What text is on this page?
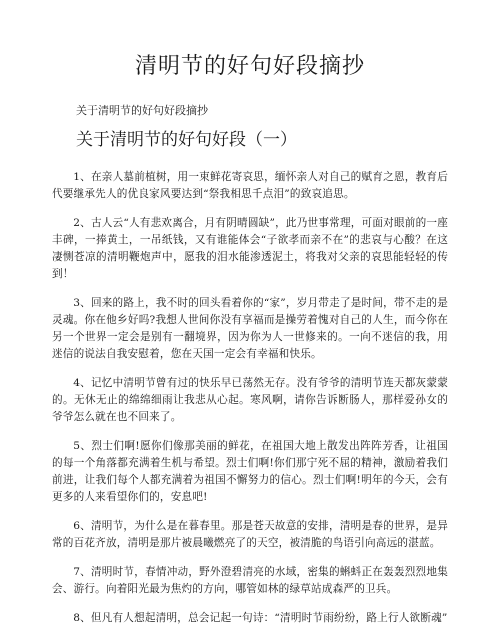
清明节的好句好段摘抄

关于清明节的好句好段摘抄

关于清明节的好句好段（一）

1、在亲人墓前植树，用一束鲜花寄哀思，缅怀亲人对自己的赋育之恩，教育后代要继承先人的优良家风要达到“祭我相思千点泪”的致哀追思。

2、古人云“人有悲欢离合，月有阴晴圆缺”，此乃世事常理，可面对眼前的一座丰碑，一捧黄土，一吊纸钱，又有谁能体会“子欲孝而亲不在”的悲哀与心酸？在这凄恻苍凉的清明鞭炮声中，愿我的泪水能渗透泥土，将我对父亲的哀思能轻轻的传到！

3、回来的路上，我不时的回头看着你的“家”，岁月带走了是时间，带不走的是灵魂。你在他乡好吗?我想人世间你没有享福而是操劳着愧对自己的人生，而今你在另一个世界一定会是别有一翻境界，因为你为人一世修来的。一向不迷信的我，用迷信的说法自我安慰着，您在天国一定会有幸福和快乐。

4、记忆中清明节曾有过的快乐早已荡然无存。没有爷爷的清明节连天都灰蒙蒙的。无休无止的绵绵细雨让我悲从心起。寒风啊，请你告诉断肠人，那样爱孙女的爷爷怎么就在也不回来了。

5、烈士们啊!愿你们像那美丽的鲜花，在祖国大地上散发出阵阵芳香，让祖国的每一个角落都充满着生机与希望。烈士们啊!你们那宁死不屈的精神，激励着我们前进，让我们每个人都充满着为祖国不懈努力的信心。烈士们啊!明年的今天，会有更多的人来看望你们的，安息吧!

6、清明节，为什么是在暮春里。那是苍天故意的安排，清明是春的世界，是异常的百花齐放，清明是那片被晨曦燃亮了的天空，被清脆的鸟语引向高远的湛蓝。

7、清明时节，春情冲动，野外澄碧清亮的水域，密集的蝌蚪正在轰轰烈烈地集会、游行。向着阳光最为焦灼的方向，哪管如林的绿草站成森严的卫兵。

8、但凡有人想起清明，总会记起一句诗：“清明时节雨纷纷，路上行人欲断魂”
